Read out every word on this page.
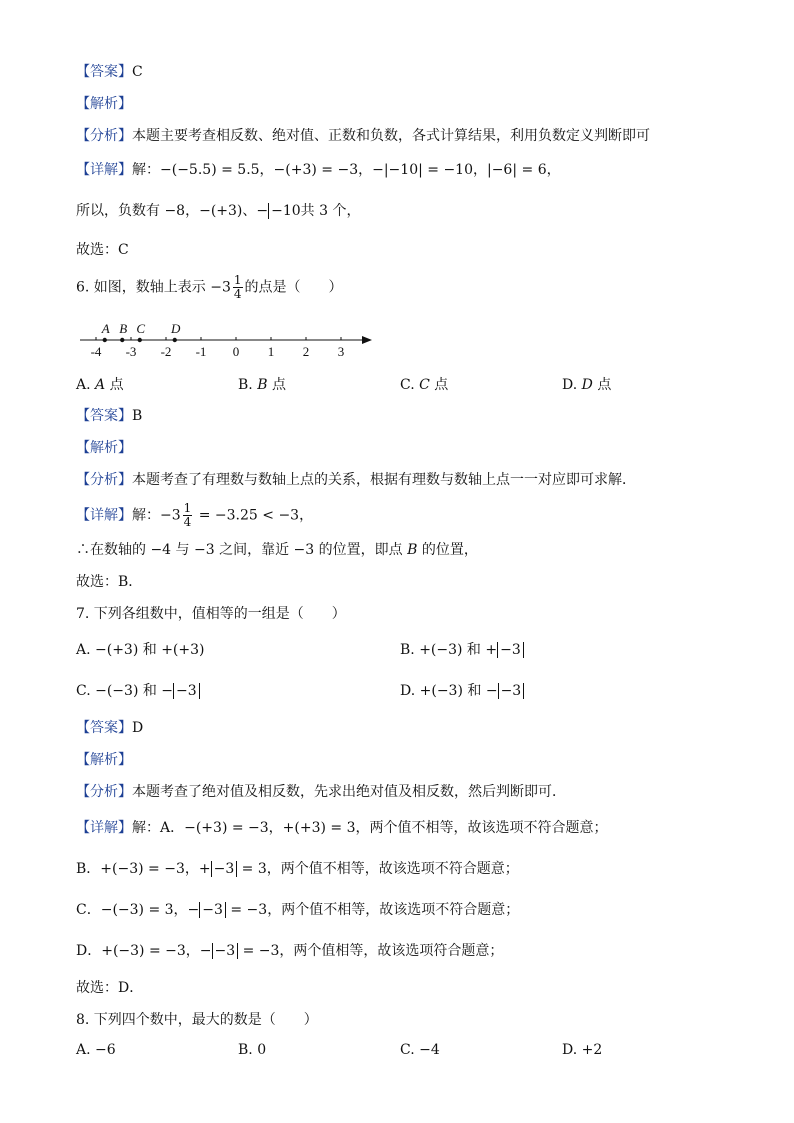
【答案】C
【解析】
【分析】本题主要考查相反数、绝对值、正数和负数，各式计算结果，利用负数定义判断即可
【详解】解：−(−5.5) = 5.5，−(+3) = −3，−|−10| = −10，|−6| = 6，
所以，负数有 −8，−(+3)、− −10共 3 个，
故选：C
6. 如图，数轴上表示 $-3 \frac{1}{4}$ 的点是（　　）
-4 -3 -2 -1 0 1 2 3
A B C D
A. A 点	B. B 点	C. C 点	D. D 点
【答案】B
【解析】
【分析】本题考查了有理数与数轴上点的关系，根据有理数与数轴上点一一对应即可求解．
【详解】解：$-3 \frac{1}{4} = -3.25 < -3$，
∴在数轴的 −4 与 −3 之间，靠近 −3 的位置，即点 B 的位置，
故选：B．
7. 下列各组数中，值相等的一组是（　　）
A. −(+3) 和 +(+3)	B. +(−3) 和 + −3
C. −(−3) 和 − −3	D. +(−3) 和 − −3
【答案】D
【解析】
【分析】本题考查了绝对值及相反数，先求出绝对值及相反数，然后判断即可．
【详解】解：A．−(+3) = −3，+(+3) = 3，两个值不相等，故该选项不符合题意；
B．+(−3) = −3，+ −3 = 3，两个值不相等，故该选项不符合题意；
C．−(−3) = 3，− −3 = −3，两个值不相等，故该选项不符合题意；
D．+(−3) = −3，− −3 = −3，两个值相等，故该选项符合题意；
故选：D．
8. 下列四个数中，最大的数是（　　）
A. −6	B. 0	C. −4	D. +2
